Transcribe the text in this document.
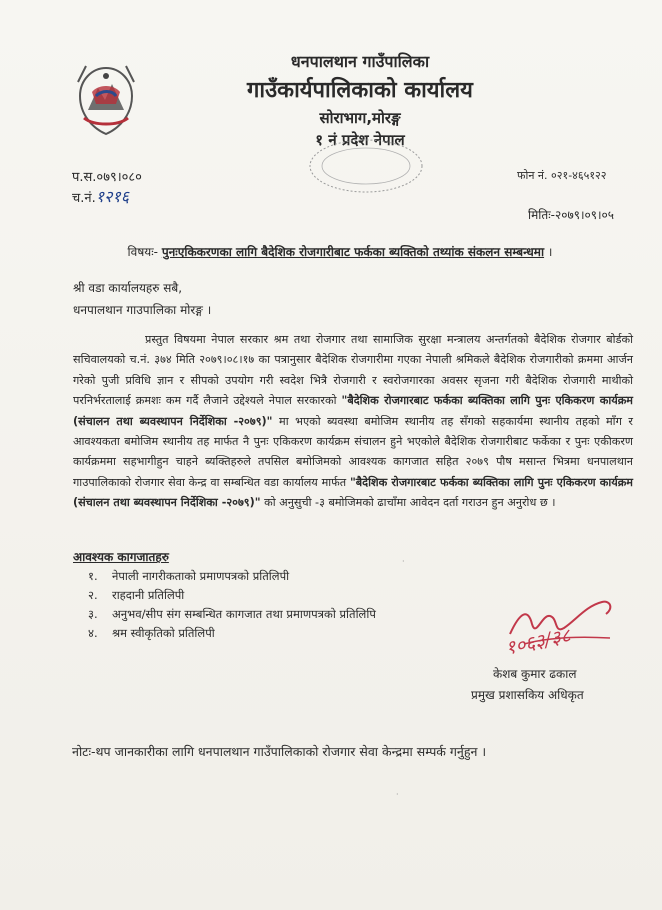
धनपालथान गाउँपालिका
गाउँकार्यपालिकाको कार्यालय
सोराभाग,मोरङ्ग
१ नं प्रदेश नेपाल
प.स.०७९।०८०
च.नं.१२१६
फोन नं. ०२१-४६५१२२
मितिः-२०७९।०९।०५
विषयः- पुनःएकिकरणका लागि बैदेशिक रोजगारीबाट फर्कका ब्यक्तिको तथ्यांक संकलन सम्बन्धमा ।
श्री वडा कार्यालयहरु सबै,
धनपालथान गाउपालिका मोरङ्ग ।
प्रस्तुत विषयमा नेपाल सरकार श्रम तथा रोजगार तथा सामाजिक सुरक्षा मन्त्रालय अन्तर्गतको बैदेशिक रोजगार बोर्डको सचिवालयको च.नं. ३७४ मिति २०७९।०८।१७ का पत्रानुसार बैदेशिक रोजगारीमा गएका नेपाली श्रमिकले बैदेशिक रोजगारीको क्रममा आर्जन गरेको पुजी प्रविधि ज्ञान र सीपको उपयोग गरी स्वदेश भित्रै रोजगारी र स्वरोजगारका अवसर सृजना गरी बैदेशिक रोजगारी माथीको परनिर्भरतालाई क्रमशः कम गर्दै लैजाने उद्देश्यले नेपाल सरकारको "बैदेशिक रोजगारबाट फर्कका ब्यक्तिका लागि पुनः एकिकरण कार्यक्रम (संचालन तथा ब्यवस्थापन निर्देशिका -२०७९)" मा भएको ब्यवस्था बमोजिम स्थानीय तह सँगको सहकार्यमा स्थानीय तहको माँग र आवश्यकता बमोजिम स्थानीय तह मार्फत नै पुनः एकिकरण कार्यक्रम संचालन हुने भएकोले बैदेशिक रोजगारीबाट फर्केका र पुनः एकीकरण कार्यक्रममा सहभागीहुन चाहने ब्यक्तिहरुले तपसिल बमोजिमको आवश्यक कागजात सहित २०७९ पौष मसान्त भित्रमा धनपालथान गाउपालिकाको रोजगार सेवा केन्द्र वा सम्बन्धित वडा कार्यालय मार्फत "बैदेशिक रोजगारबाट फर्कका ब्यक्तिका लागि पुनः एकिकरण कार्यक्रम (संचालन तथा ब्यवस्थापन निर्देशिका -२०७९)" को अनुसुची -३ बमोजिमको ढाचाँमा आवेदन दर्ता गराउन हुन अनुरोध छ ।
आवश्यक कागजातहरु
१. नेपाली नागरीकताको प्रमाणपत्रको प्रतिलिपी
२. राहदानी प्रतिलिपी
३. अनुभव/सीप संग सम्बन्धित कागजात तथा प्रमाणपत्रको प्रतिलिपि
४. श्रम स्वीकृतिको प्रतिलिपी	१०६३/३८
केशब कुमार ढकाल
प्रमुख प्रशासकिय अधिकृत
नोटः-थप जानकारीका लागि धनपालथान गाउँपालिकाको रोजगार सेवा केन्द्रमा सम्पर्क गर्नुहुन ।
·
·
